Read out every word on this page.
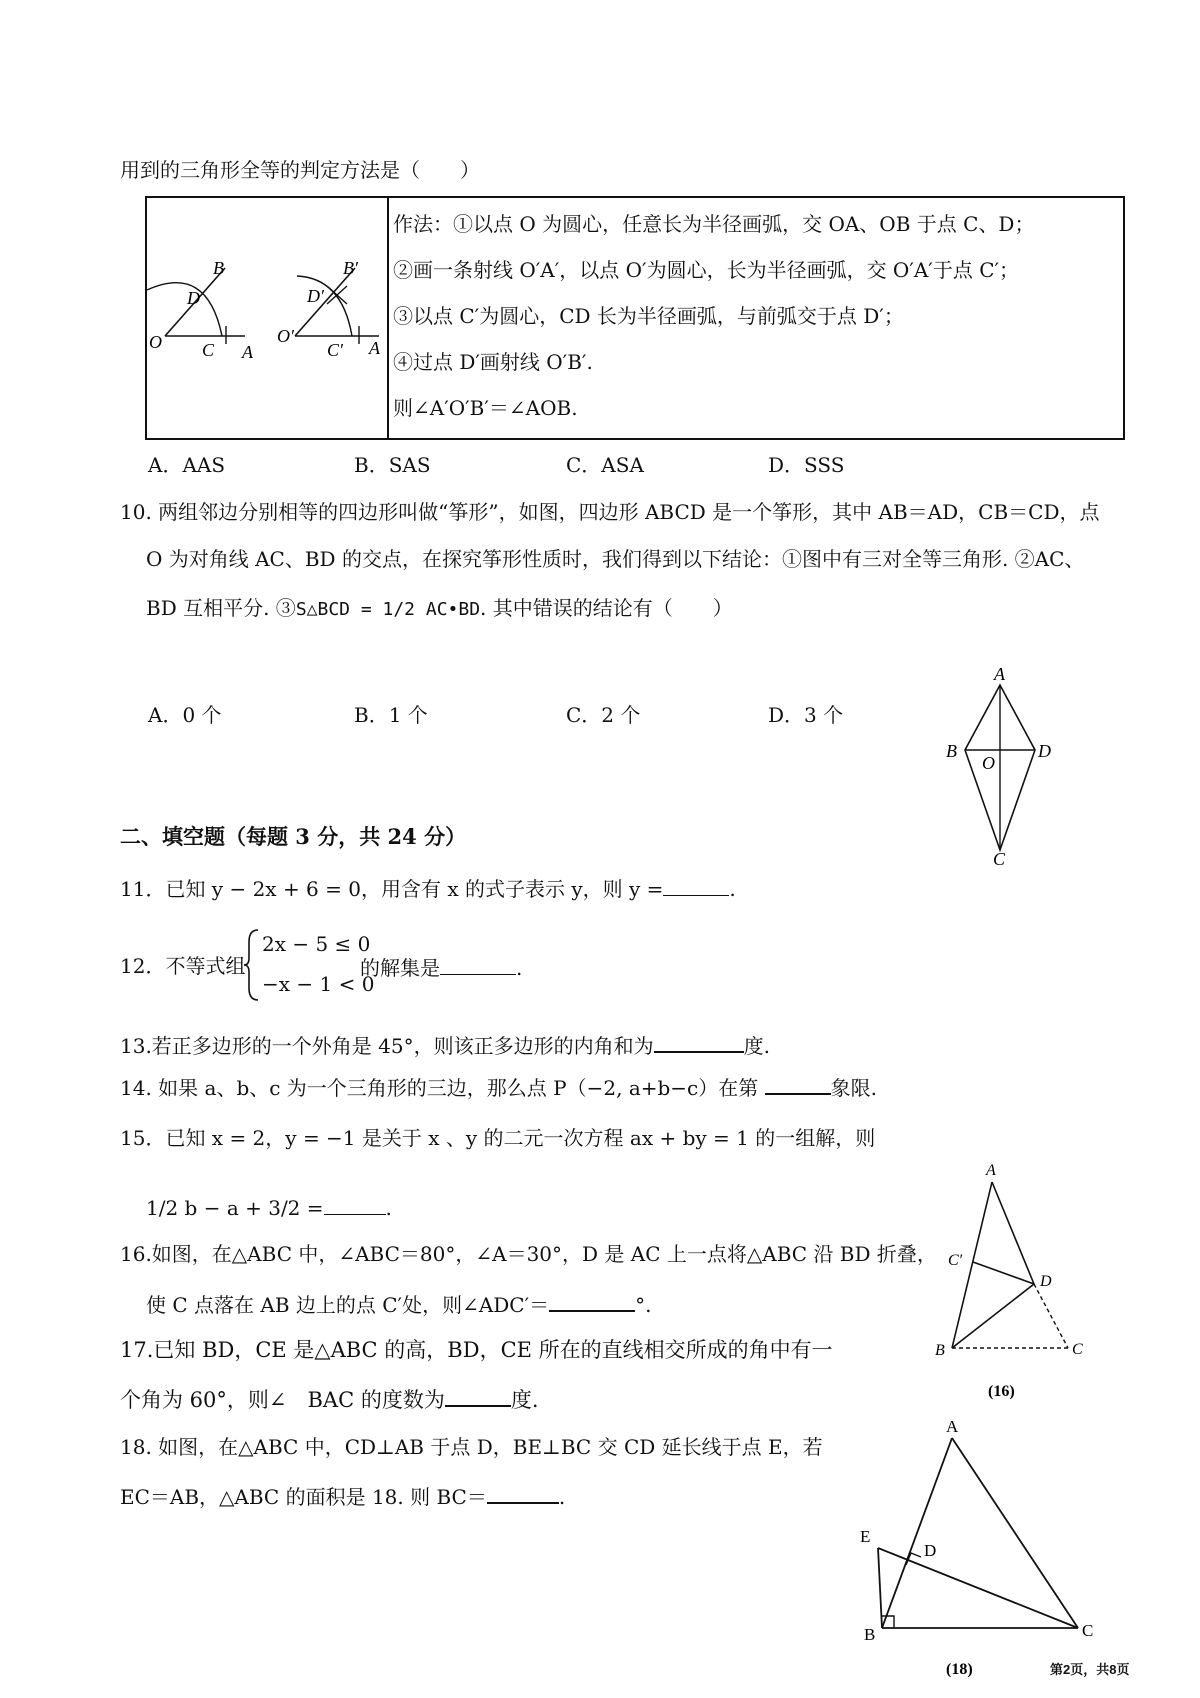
用到的三角形全等的判定方法是（　　）
O C A
D
B
O′
C′ A
D′
B′
作法：①以点 O 为圆心，任意长为半径画弧，交 OA、OB 于点 C、D；
②画一条射线 O′A′，以点 O′为圆心，长为半径画弧，交 O′A′于点 C′；
③以点 C′为圆心，CD 长为半径画弧，与前弧交于点 D′；
④过点 D′画射线 O′B′.
则∠A′O′B′＝∠AOB.
A．AAS	B．SAS	C．ASA	D．SSS
10. 两组邻边分别相等的四边形叫做“筝形”，如图，四边形 ABCD 是一个筝形，其中 AB＝AD，CB＝CD，点
O 为对角线 AC、BD 的交点，在探究筝形性质时，我们得到以下结论：①图中有三对全等三角形. ②AC、
BD 互相平分. ③S△BCD = 1/2 AC•BD. 其中错误的结论有（　　）
A．0 个	B．1 个	C．2 个	D．3 个
A
B
O
D
C
二、填空题（每题 3 分，共 24 分）
11．已知 y − 2x + 6 = 0，用含有 x 的式子表示 y，则 y =	.
12．不等式组
2x − 5 ≤ 0
−x − 1 < 0
的解集是	.
13.若正多边形的一个外角是 45°，则该正多边形的内角和为	度.
14. 如果 a、b、c 为一个三角形的三边，那么点 P（−2, a+b−c）在第	象限.
15．已知 x = 2，y = −1 是关于 x 、y 的二元一次方程 ax + by = 1 的一组解，则
1/2 b − a + 3/2 =	.
16.如图，在△ABC 中，∠ABC＝80°，∠A＝30°，D 是 AC 上一点将△ABC 沿 BD 折叠，
使 C 点落在 AB 边上的点 C′处，则∠ADC′＝	°.
A
C′
D
B	C
(16)
17.已知 BD，CE 是△ABC 的高，BD，CE 所在的直线相交所成的角中有一
个角为 60°，则∠　BAC 的度数为	度.
18. 如图，在△ABC 中，CD⊥AB 于点 D，BE⊥BC 交 CD 延长线于点 E，若
EC＝AB，△ABC 的面积是 18. 则 BC＝	.
A
E
D
B	C
(18)	第2页，共8页
